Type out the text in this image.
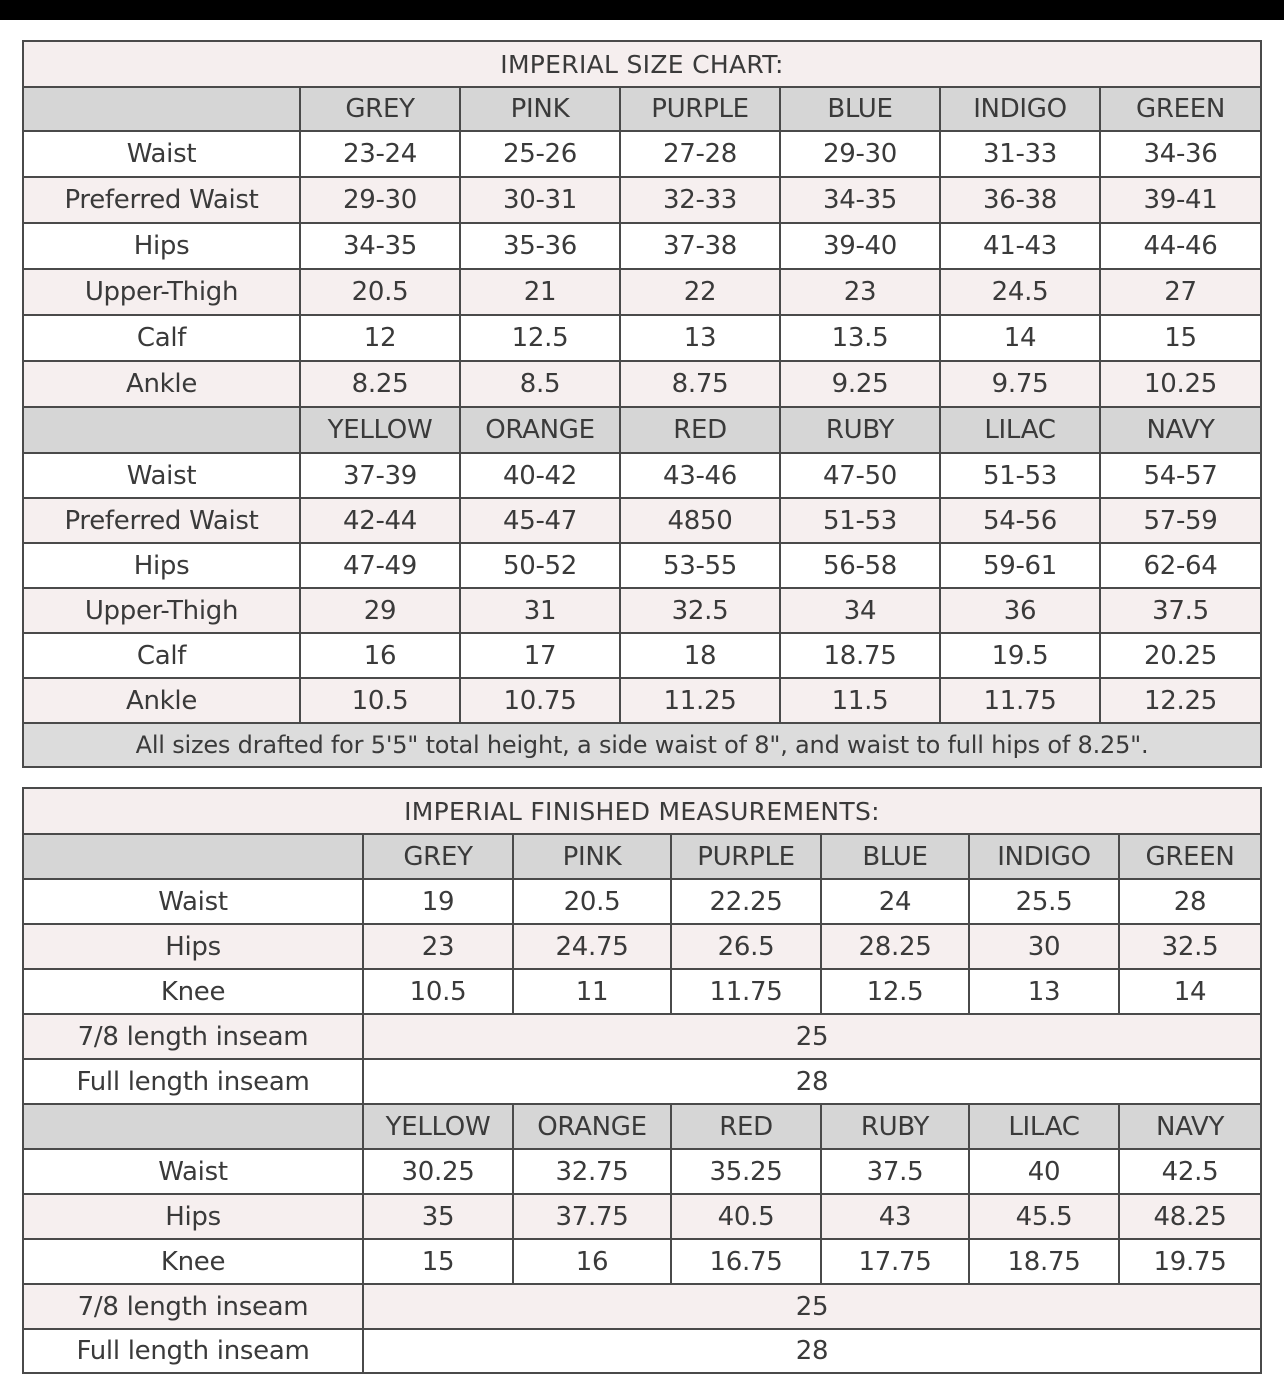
IMPERIAL SIZE CHART:						
	GREY	PINK	PURPLE	BLUE	INDIGO	GREEN
Waist	23-24	25-26	27-28	29-30	31-33	34-36
Preferred Waist	29-30	30-31	32-33	34-35	36-38	39-41
Hips	34-35	35-36	37-38	39-40	41-43	44-46
Upper-Thigh	20.5	21	22	23	24.5	27
Calf	12	12.5	13	13.5	14	15
Ankle	8.25	8.5	8.75	9.25	9.75	10.25
	YELLOW	ORANGE	RED	RUBY	LILAC	NAVY
Waist	37-39	40-42	43-46	47-50	51-53	54-57
Preferred Waist	42-44	45-47	4850	51-53	54-56	57-59
Hips	47-49	50-52	53-55	56-58	59-61	62-64
Upper-Thigh	29	31	32.5	34	36	37.5
Calf	16	17	18	18.75	19.5	20.25
Ankle	10.5	10.75	11.25	11.5	11.75	12.25
All sizes drafted for 5'5" total height, a side waist of 8", and waist to full hips of 8.25".						
IMPERIAL FINISHED MEASUREMENTS:						
	GREY	PINK	PURPLE	BLUE	INDIGO	GREEN
Waist	19	20.5	22.25	24	25.5	28
Hips	23	24.75	26.5	28.25	30	32.5
Knee	10.5	11	11.75	12.5	13	14
7/8 length inseam	25					
Full length inseam	28					
	YELLOW	ORANGE	RED	RUBY	LILAC	NAVY
Waist	30.25	32.75	35.25	37.5	40	42.5
Hips	35	37.75	40.5	43	45.5	48.25
Knee	15	16	16.75	17.75	18.75	19.75
7/8 length inseam	25					
Full length inseam	28					
